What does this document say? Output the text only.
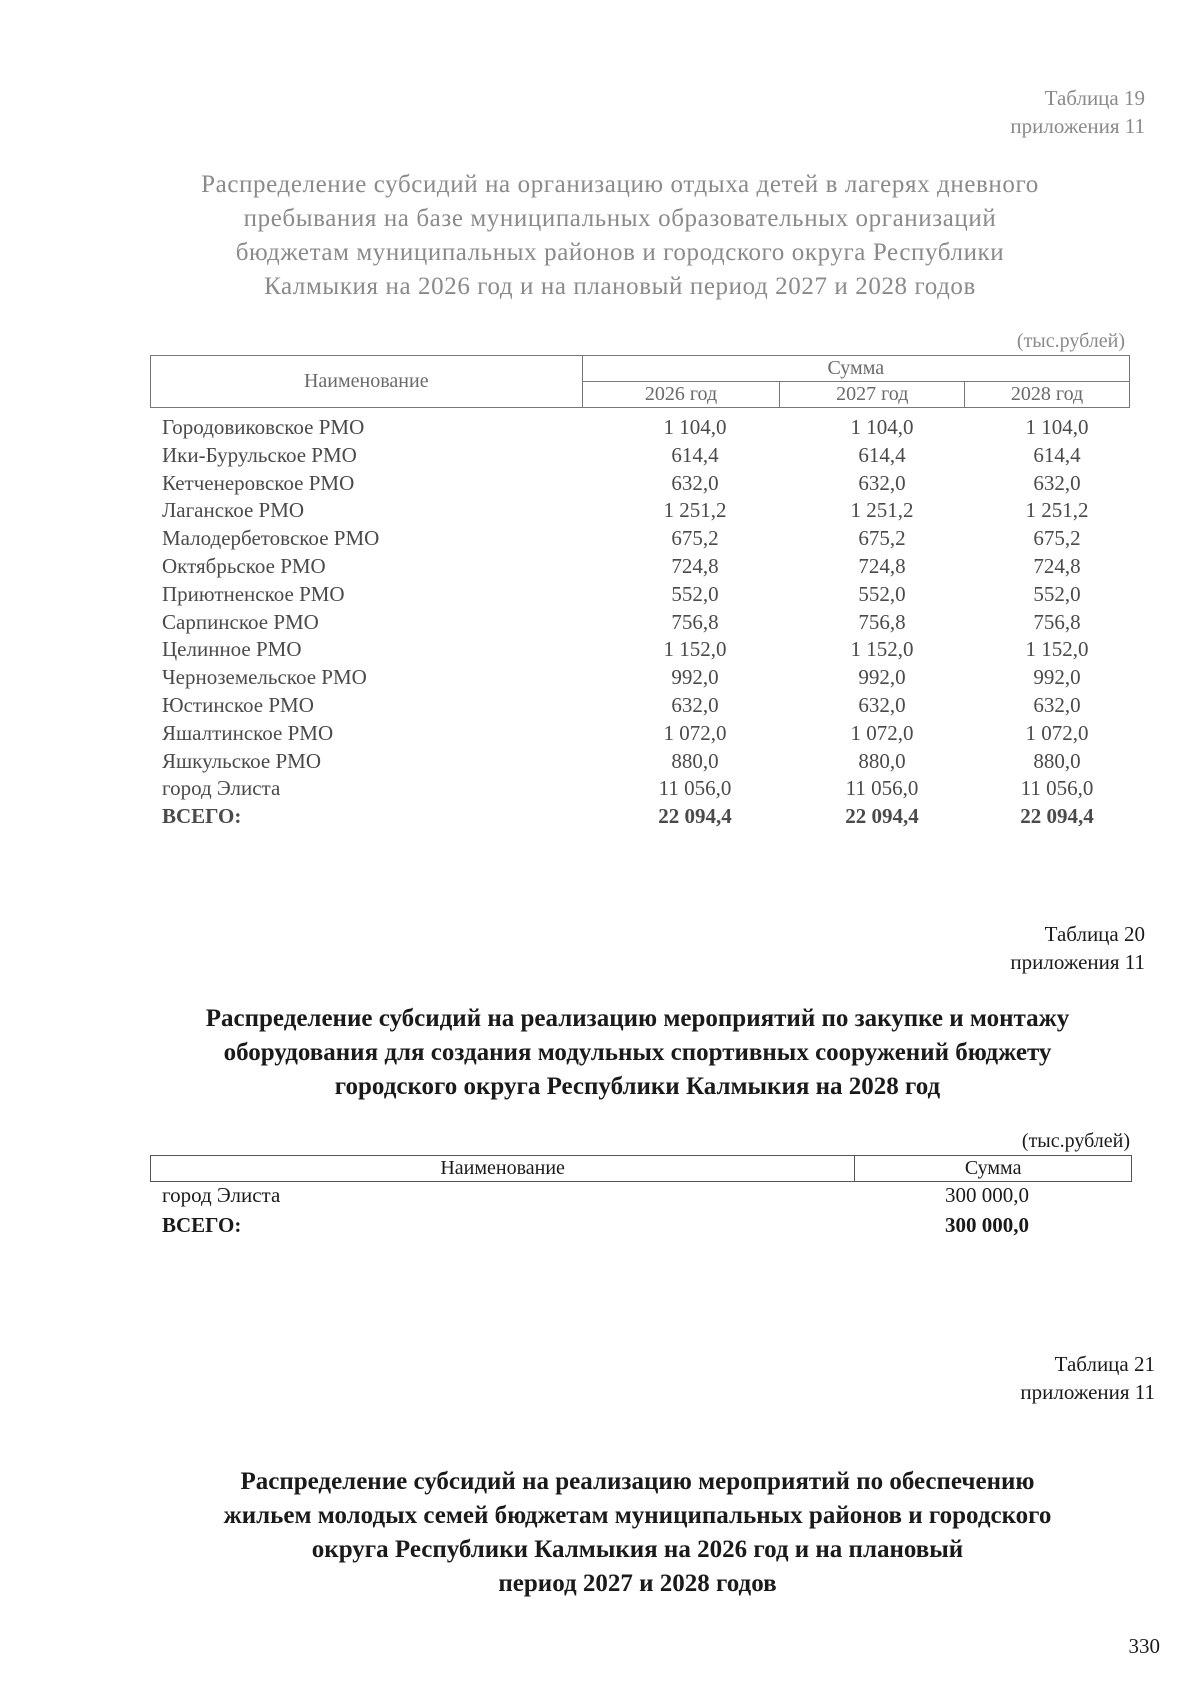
Таблица 19
приложения 11
Распределение субсидий на организацию отдыха детей в лагерях дневного
пребывания на базе муниципальных образовательных организаций
бюджетам муниципальных районов и городского округа Республики
Калмыкия на 2026 год и на плановый период 2027 и 2028 годов
(тыс.рублей)
Наименование	Сумма		
	2026 год	2027 год	2028 год
Городовиковское РМО	1 104,0	1 104,0	1 104,0
Ики-Бурульское РМО	614,4	614,4	614,4
Кетченеровское РМО	632,0	632,0	632,0
Лаганское РМО	1 251,2	1 251,2	1 251,2
Малодербетовское РМО	675,2	675,2	675,2
Октябрьское РМО	724,8	724,8	724,8
Приютненское РМО	552,0	552,0	552,0
Сарпинское РМО	756,8	756,8	756,8
Целинное РМО	1 152,0	1 152,0	1 152,0
Черноземельское РМО	992,0	992,0	992,0
Юстинское РМО	632,0	632,0	632,0
Яшалтинское РМО	1 072,0	1 072,0	1 072,0
Яшкульское РМО	880,0	880,0	880,0
город Элиста	11 056,0	11 056,0	11 056,0
ВСЕГО:	22 094,4	22 094,4	22 094,4
Таблица 20
приложения 11
Распределение субсидий на реализацию мероприятий по закупке и монтажу
оборудования для создания модульных спортивных сооружений бюджету
городского округа Республики Калмыкия на 2028 год
(тыс.рублей)
Наименование	Сумма
город Элиста	300 000,0
ВСЕГО:	300 000,0
Таблица 21
приложения 11
Распределение субсидий на реализацию мероприятий по обеспечению
жильем молодых семей бюджетам муниципальных районов и городского
округа Республики Калмыкия на 2026 год и на плановый
период 2027 и 2028 годов
330
